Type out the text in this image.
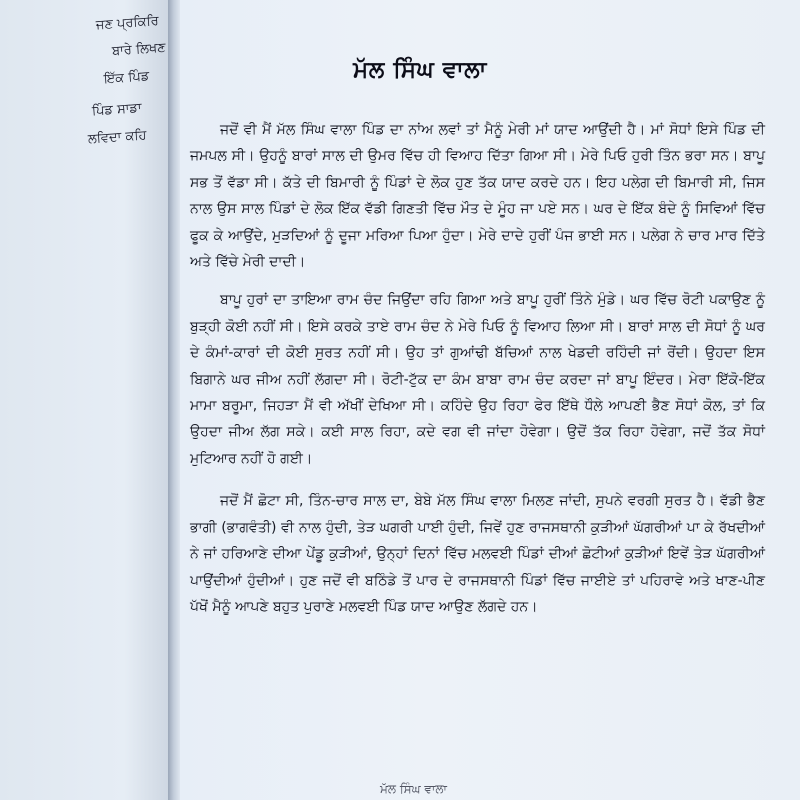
ਜਣ ਪ੍ਰਕਿਰਿ
ਬਾਰੇ ਲਿਖਣ
ਇੱਕ ਪਿੰਡ
ਪਿੰਡ ਸਾਡਾ
ਲਵਿਦਾ ਕਹਿ
ਮੱਲ ਸਿੰਘ ਵਾਲਾ

ਜਦੋਂ ਵੀ ਮੈਂ ਮੱਲ ਸਿੰਘ ਵਾਲਾ ਪਿੰਡ ਦਾ ਨਾਂਅ ਲਵਾਂ ਤਾਂ ਮੈਨੂੰ ਮੇਰੀ ਮਾਂ ਯਾਦ ਆਉਂਦੀ ਹੈ। ਮਾਂ ਸੋਧਾਂ ਇਸੇ ਪਿੰਡ ਦੀ ਜਮਪਲ ਸੀ। ਉਹਨੂੰ ਬਾਰਾਂ ਸਾਲ ਦੀ ਉਮਰ ਵਿੱਚ ਹੀ ਵਿਆਹ ਦਿੱਤਾ ਗਿਆ ਸੀ। ਮੇਰੇ ਪਿਓ ਹੁਰੀ ਤਿੰਨ ਭਰਾ ਸਨ। ਬਾਪੂ ਸਭ ਤੋਂ ਵੱਡਾ ਸੀ। ਕੱਤੇ ਦੀ ਬਿਮਾਰੀ ਨੂੰ ਪਿੰਡਾਂ ਦੇ ਲੋਕ ਹੁਣ ਤੱਕ ਯਾਦ ਕਰਦੇ ਹਨ। ਇਹ ਪਲੇਗ ਦੀ ਬਿਮਾਰੀ ਸੀ, ਜਿਸ ਨਾਲ ਉਸ ਸਾਲ ਪਿੰਡਾਂ ਦੇ ਲੋਕ ਇੱਕ ਵੱਡੀ ਗਿਣਤੀ ਵਿੱਚ ਮੌਤ ਦੇ ਮੂੰਹ ਜਾ ਪਏ ਸਨ। ਘਰ ਦੇ ਇੱਕ ਬੰਦੇ ਨੂੰ ਸਿਵਿਆਂ ਵਿੱਚ ਫੂਕ ਕੇ ਆਉਂਦੇ, ਮੁੜਦਿਆਂ ਨੂੰ ਦੂਜਾ ਮਰਿਆ ਪਿਆ ਹੁੰਦਾ। ਮੇਰੇ ਦਾਦੇ ਹੁਰੀਂ ਪੰਜ ਭਾਈ ਸਨ। ਪਲੇਗ ਨੇ ਚਾਰ ਮਾਰ ਦਿੱਤੇ ਅਤੇ ਵਿੱਚੇ ਮੇਰੀ ਦਾਦੀ।

ਬਾਪੂ ਹੁਰਾਂ ਦਾ ਤਾਇਆ ਰਾਮ ਚੰਦ ਜਿਉਂਦਾ ਰਹਿ ਗਿਆ ਅਤੇ ਬਾਪੂ ਹੁਰੀਂ ਤਿੰਨੇ ਮੁੰਡੇ। ਘਰ ਵਿੱਚ ਰੋਟੀ ਪਕਾਉਣ ਨੂੰ ਬੁੜ੍ਹੀ ਕੋਈ ਨਹੀਂ ਸੀ। ਇਸੇ ਕਰਕੇ ਤਾਏ ਰਾਮ ਚੰਦ ਨੇ ਮੇਰੇ ਪਿਓ ਨੂੰ ਵਿਆਹ ਲਿਆ ਸੀ। ਬਾਰਾਂ ਸਾਲ ਦੀ ਸੋਧਾਂ ਨੂੰ ਘਰ ਦੇ ਕੰਮਾਂ-ਕਾਰਾਂ ਦੀ ਕੋਈ ਸੁਰਤ ਨਹੀਂ ਸੀ। ਉਹ ਤਾਂ ਗੁਆਂਢੀ ਬੱਚਿਆਂ ਨਾਲ ਖੇਡਦੀ ਰਹਿੰਦੀ ਜਾਂ ਰੋਂਦੀ। ਉਹਦਾ ਇਸ ਬਿਗਾਨੇ ਘਰ ਜੀਅ ਨਹੀਂ ਲੱਗਦਾ ਸੀ। ਰੋਟੀ-ਟੁੱਕ ਦਾ ਕੰਮ ਬਾਬਾ ਰਾਮ ਚੰਦ ਕਰਦਾ ਜਾਂ ਬਾਪੂ ਇੰਦਰ। ਮੇਰਾ ਇੱਕੋ-ਇੱਕ ਮਾਮਾ ਬਰੂਮਾ, ਜਿਹੜਾ ਮੈਂ ਵੀ ਅੱਖੀਂ ਦੇਖਿਆ ਸੀ। ਕਹਿੰਦੇ ਉਹ ਰਿਹਾ ਫੇਰ ਇੱਥੇ ਧੌਲੇ ਆਪਣੀ ਭੈਣ ਸੋਧਾਂ ਕੋਲ, ਤਾਂ ਕਿ ਉਹਦਾ ਜੀਅ ਲੱਗ ਸਕੇ। ਕਈ ਸਾਲ ਰਿਹਾ, ਕਦੇ ਵਗ ਵੀ ਜਾਂਦਾ ਹੋਵੇਗਾ। ਉਦੋਂ ਤੱਕ ਰਿਹਾ ਹੋਵੇਗਾ, ਜਦੋਂ ਤੱਕ ਸੋਧਾਂ ਮੁਟਿਆਰ ਨਹੀਂ ਹੋ ਗਈ।

ਜਦੋਂ ਮੈਂ ਛੋਟਾ ਸੀ, ਤਿੰਨ-ਚਾਰ ਸਾਲ ਦਾ, ਬੇਬੇ ਮੱਲ ਸਿੰਘ ਵਾਲਾ ਮਿਲਣ ਜਾਂਦੀ, ਸੁਪਨੇ ਵਰਗੀ ਸੁਰਤ ਹੈ। ਵੱਡੀ ਭੈਣ ਭਾਗੀ (ਭਾਗਵੰਤੀ) ਵੀ ਨਾਲ ਹੁੰਦੀ, ਤੇੜ ਘਗਰੀ ਪਾਈ ਹੁੰਦੀ, ਜਿਵੇਂ ਹੁਣ ਰਾਜਸਥਾਨੀ ਕੁੜੀਆਂ ਘੱਗਰੀਆਂ ਪਾ ਕੇ ਰੱਖਦੀਆਂ ਨੇ ਜਾਂ ਹਰਿਆਣੇ ਦੀਆ ਪੇਂਡੂ ਕੁੜੀਆਂ, ਉਨ੍ਹਾਂ ਦਿਨਾਂ ਵਿੱਚ ਮਲਵਈ ਪਿੰਡਾਂ ਦੀਆਂ ਛੋਟੀਆਂ ਕੁੜੀਆਂ ਇਵੇਂ ਤੇੜ ਘੱਗਰੀਆਂ ਪਾਉਂਦੀਆਂ ਹੁੰਦੀਆਂ। ਹੁਣ ਜਦੋਂ ਵੀ ਬਠਿੰਡੇ ਤੋਂ ਪਾਰ ਦੇ ਰਾਜਸਥਾਨੀ ਪਿੰਡਾਂ ਵਿੱਚ ਜਾਈਏ ਤਾਂ ਪਹਿਰਾਵੇ ਅਤੇ ਖਾਣ-ਪੀਣ ਪੱਖੋਂ ਮੈਨੂੰ ਆਪਣੇ ਬਹੁਤ ਪੁਰਾਣੇ ਮਲਵਈ ਪਿੰਡ ਯਾਦ ਆਉਣ ਲੱਗਦੇ ਹਨ।

ਮੱਲ ਸਿੰਘ ਵਾਲਾ
